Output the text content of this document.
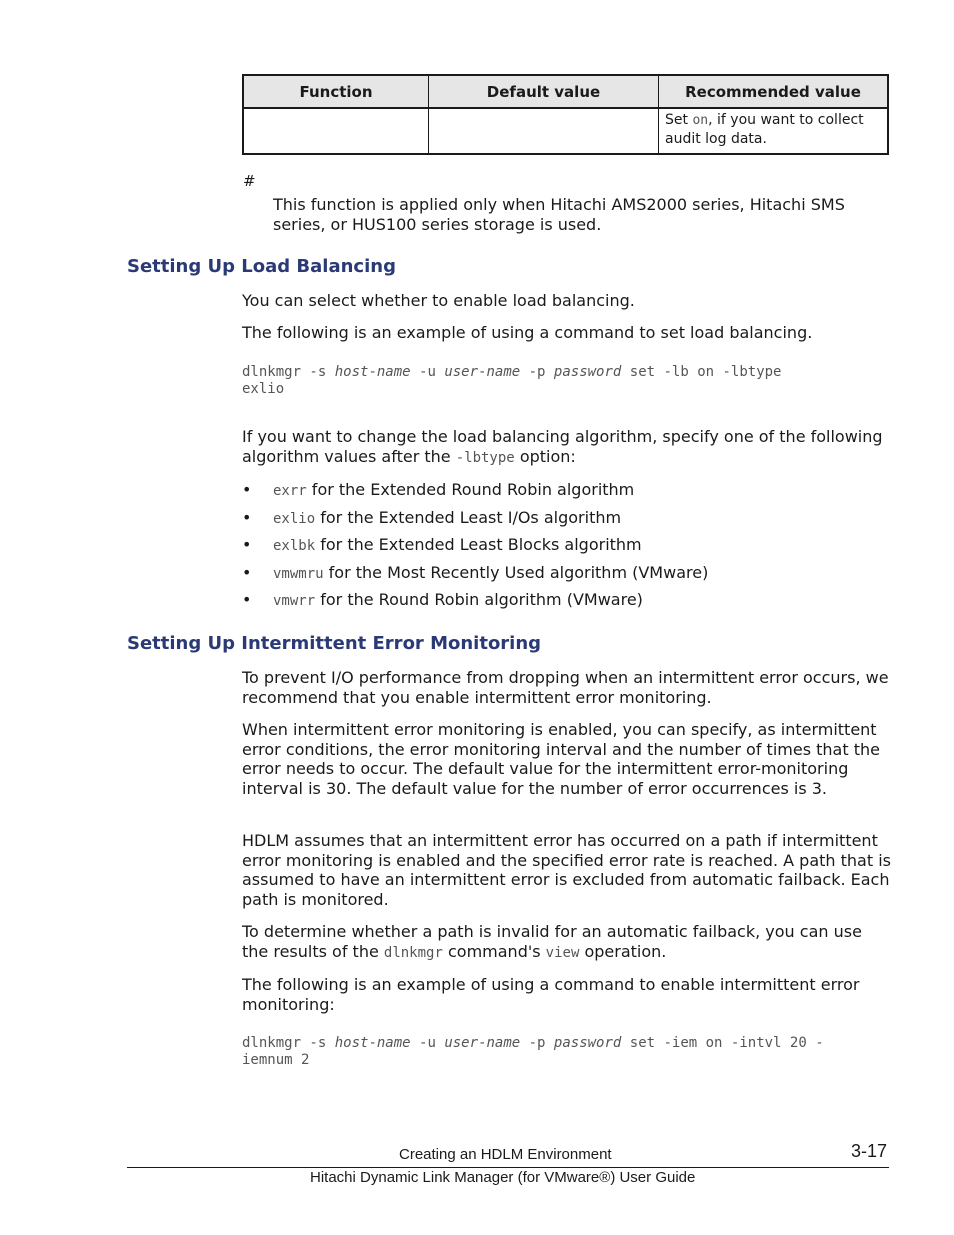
Function	Default value	Recommended value
		Set on, if you want to collect audit log data.
#
This function is applied only when Hitachi AMS2000 series, Hitachi SMS series, or HUS100 series storage is used.
Setting Up Load Balancing
You can select whether to enable load balancing.
The following is an example of using a command to set load balancing.
dlnkmgr -s host-name -u user-name -p password set -lb on -lbtype
exlio
If you want to change the load balancing algorithm, specify one of the following algorithm values after the -lbtype option:
• exrr for the Extended Round Robin algorithm
• exlio for the Extended Least I/Os algorithm
• exlbk for the Extended Least Blocks algorithm
• vmwmru for the Most Recently Used algorithm (VMware)
• vmwrr for the Round Robin algorithm (VMware)
Setting Up Intermittent Error Monitoring
To prevent I/O performance from dropping when an intermittent error occurs, we recommend that you enable intermittent error monitoring.
When intermittent error monitoring is enabled, you can specify, as intermittent error conditions, the error monitoring interval and the number of times that the error needs to occur. The default value for the intermittent error-monitoring interval is 30. The default value for the number of error occurrences is 3.
HDLM assumes that an intermittent error has occurred on a path if intermittent error monitoring is enabled and the specified error rate is reached. A path that is assumed to have an intermittent error is excluded from automatic failback. Each path is monitored.
To determine whether a path is invalid for an automatic failback, you can use the results of the dlnkmgr command's view operation.
The following is an example of using a command to enable intermittent error monitoring:
dlnkmgr -s host-name -u user-name -p password set -iem on -intvl 20 -
iemnum 2
Creating an HDLM Environment	3-17
Hitachi Dynamic Link Manager (for VMware®) User Guide
